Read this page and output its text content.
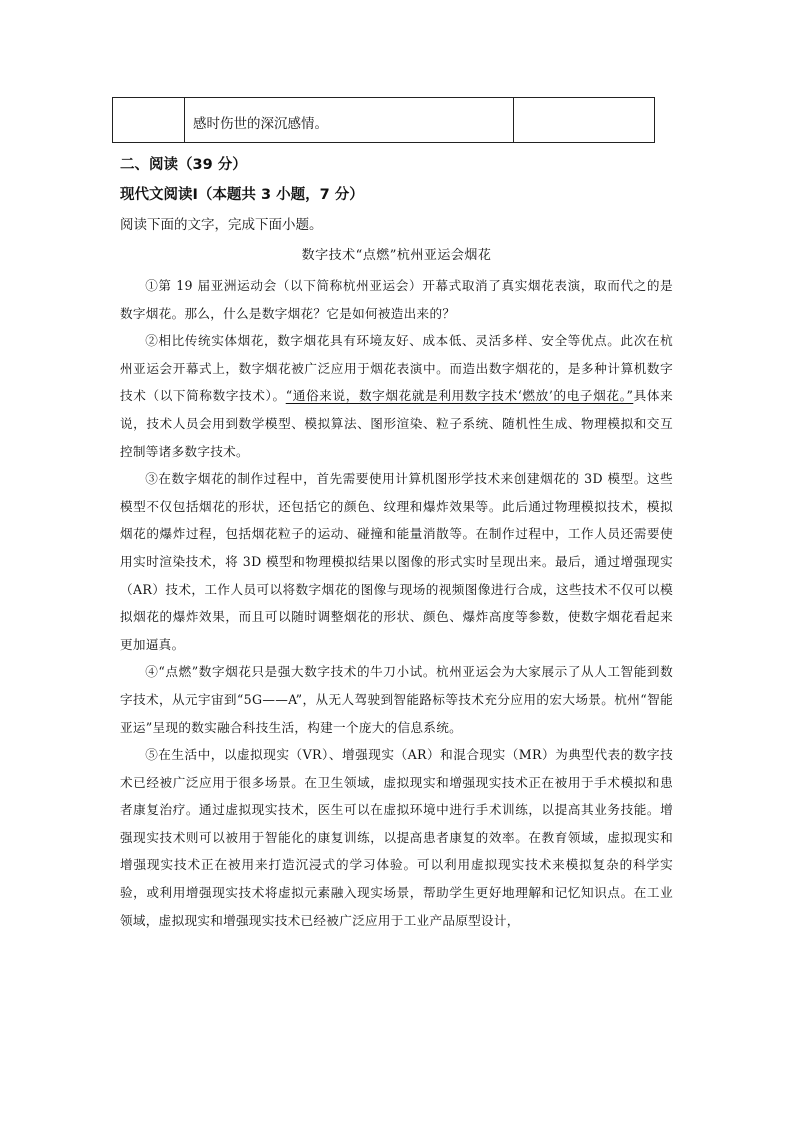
感时伤世的深沉感情。
二、阅读（39 分）
现代文阅读Ⅰ（本题共 3 小题，7 分）
阅读下面的文字，完成下面小题。
数字技术“点燃”杭州亚运会烟花

①第 19 届亚洲运动会（以下简称杭州亚运会）开幕式取消了真实烟花表演，取而代之的是数字烟花。那么，什么是数字烟花？它是如何被造出来的？

②相比传统实体烟花，数字烟花具有环境友好、成本低、灵活多样、安全等优点。此次在杭州亚运会开幕式上，数字烟花被广泛应用于烟花表演中。而造出数字烟花的，是多种计算机数字技术（以下简称数字技术）。“通俗来说，数字烟花就是利用数字技术‘燃放’的电子烟花。”具体来说，技术人员会用到数学模型、模拟算法、图形渲染、粒子系统、随机性生成、物理模拟和交互控制等诸多数字技术。

③在数字烟花的制作过程中，首先需要使用计算机图形学技术来创建烟花的 3D 模型。这些模型不仅包括烟花的形状，还包括它的颜色、纹理和爆炸效果等。此后通过物理模拟技术，模拟烟花的爆炸过程，包括烟花粒子的运动、碰撞和能量消散等。在制作过程中，工作人员还需要使用实时渲染技术，将 3D 模型和物理模拟结果以图像的形式实时呈现出来。最后，通过增强现实（AR）技术，工作人员可以将数字烟花的图像与现场的视频图像进行合成，这些技术不仅可以模拟烟花的爆炸效果，而且可以随时调整烟花的形状、颜色、爆炸高度等参数，使数字烟花看起来更加逼真。

④“点燃”数字烟花只是强大数字技术的牛刀小试。杭州亚运会为大家展示了从人工智能到数字技术，从元宇宙到“5G——A”，从无人驾驶到智能路标等技术充分应用的宏大场景。杭州“智能亚运”呈现的数实融合科技生活，构建一个庞大的信息系统。

⑤在生活中，以虚拟现实（VR）、增强现实（AR）和混合现实（MR）为典型代表的数字技术已经被广泛应用于很多场景。在卫生领域，虚拟现实和增强现实技术正在被用于手术模拟和患者康复治疗。通过虚拟现实技术，医生可以在虚拟环境中进行手术训练，以提高其业务技能。增强现实技术则可以被用于智能化的康复训练，以提高患者康复的效率。在教育领域，虚拟现实和增强现实技术正在被用来打造沉浸式的学习体验。可以利用虚拟现实技术来模拟复杂的科学实验，或利用增强现实技术将虚拟元素融入现实场景，帮助学生更好地理解和记忆知识点。在工业领域，虚拟现实和增强现实技术已经被广泛应用于工业产品原型设计，
